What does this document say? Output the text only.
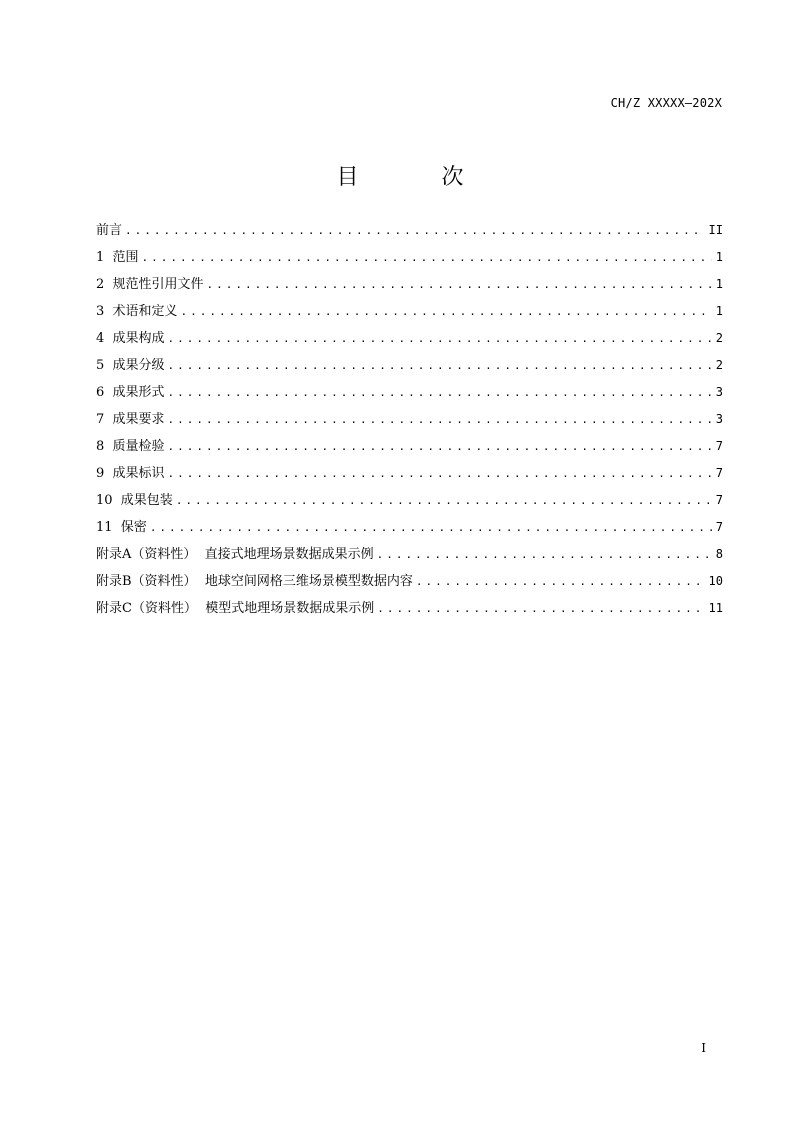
CH/Z XXXXX—202X
目 次
前言 .....	II
1  范围 .....	1
2  规范性引用文件 .....	1
3  术语和定义 .....	1
4  成果构成 .....	2
5  成果分级 .....	2
6  成果形式 .....	3
7  成果要求 .....	3
8  质量检验 .....	7
9  成果标识 .....	7
10  成果包装 .....	7
11  保密 .....	7
附录A（资料性）  直接式地理场景数据成果示例 .....	8
附录B（资料性）  地球空间网格三维场景模型数据内容 .....	10
附录C（资料性）  模型式地理场景数据成果示例 .....	11
I
